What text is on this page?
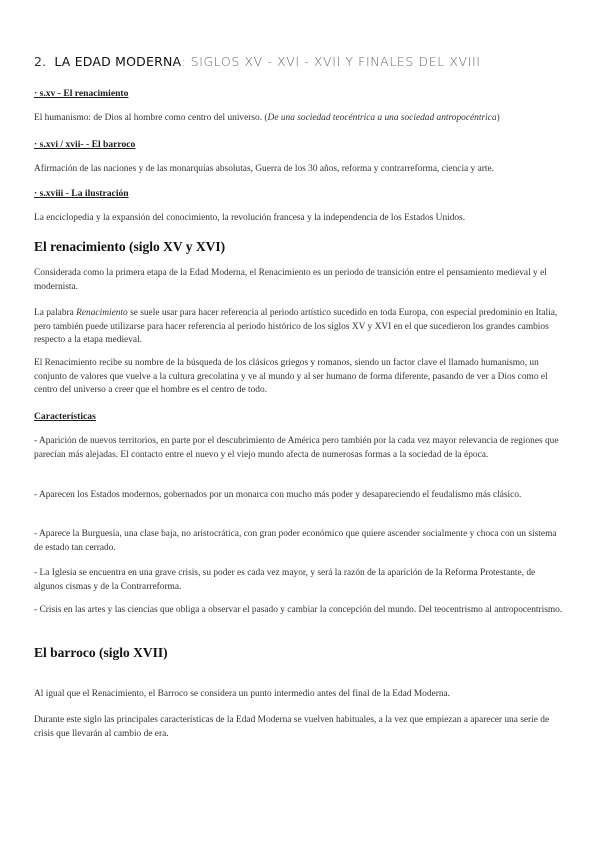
2. LA EDAD MODERNA: SIGLOS XV - XVI - XVII Y FINALES DEL XVIII
· s.xv - El renacimiento
El humanismo: de Dios al hombre como centro del universo. (De una sociedad teocéntrica a una sociedad antropocéntrica)
· s.xvi / xvii- - El barroco
Afirmación de las naciones y de las monarquías absolutas, Guerra de los 30 años, reforma y contrarreforma, ciencia y arte.
· s.xviii - La ilustración
La enciclopedia y la expansión del conocimiento, la revolución francesa y la independencia de los Estados Unidos.
El renacimiento (siglo XV y XVI)
Considerada como la primera etapa de la Edad Moderna, el Renacimiento es un periodo de transición entre el pensamiento medieval y el modernista.
La palabra Renacimiento se suele usar para hacer referencia al periodo artístico sucedido en toda Europa, con especial predominio en Italia, pero también puede utilizarse para hacer referencia al periodo histórico de los siglos XV y XVI en el que sucedieron los grandes cambios respecto a la etapa medieval.
El Renacimiento recibe su nombre de la búsqueda de los clásicos griegos y romanos, siendo un factor clave el llamado humanismo, un conjunto de valores que vuelve a la cultura grecolatina y ve al mundo y al ser humano de forma diferente, pasando de ver a Dios como el centro del universo a creer que el hombre es el centro de todo.
Características
- Aparición de nuevos territorios, en parte por el descubrimiento de América pero también por la cada vez mayor relevancia de regiones que parecían más alejadas. El contacto entre el nuevo y el viejo mundo afecta de numerosas formas a la sociedad de la época.
- Aparecen los Estados modernos, gobernados por un monarca con mucho más poder y desapareciendo el feudalismo más clásico.
- Aparece la Burguesía, una clase baja, no aristocrática, con gran poder económico que quiere ascender socialmente y choca con un sistema de estado tan cerrado.
- La Iglesia se encuentra en una grave crisis, su poder es cada vez mayor, y será la razón de la aparición de la Reforma Protestante, de algunos cismas y de la Contrarreforma.
- Crisis en las artes y las ciencias que obliga a observar el pasado y cambiar la concepción del mundo. Del teocentrismo al antropocentrismo.
El barroco (siglo XVII)
Al igual que el Renacimiento, el Barroco se considera un punto intermedio antes del final de la Edad Moderna.
Durante este siglo las principales características de la Edad Moderna se vuelven habituales, a la vez que empiezan a aparecer una serie de crisis que llevarán al cambio de era.
